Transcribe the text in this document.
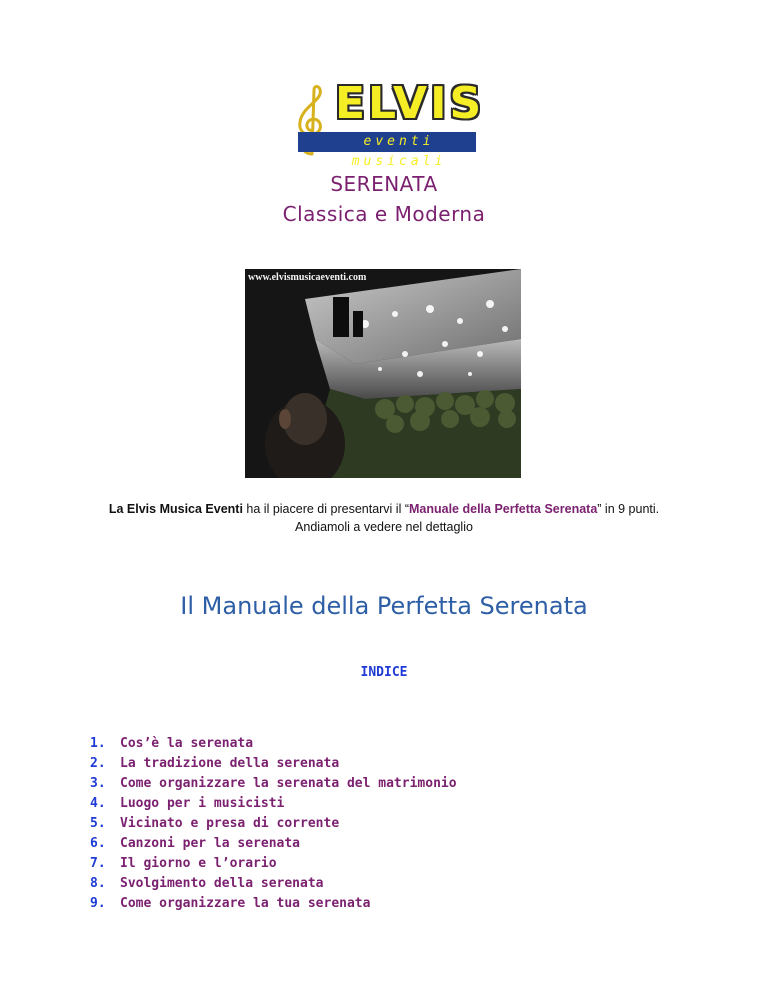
ELVIS
eventi musicali
SERENATA
Classica e Moderna
www.elvismusicaeventi.com
La Elvis Musica Eventi ha il piacere di presentarvi il “Manuale della Perfetta Serenata” in 9 punti.
Andiamoli a vedere nel dettaglio
Il Manuale della Perfetta Serenata
INDICE
1. Cos’è la serenata
2. La tradizione della serenata
3. Come organizzare la serenata del matrimonio
4. Luogo per i musicisti
5. Vicinato e presa di corrente
6. Canzoni per la serenata
7. Il giorno e l’orario
8. Svolgimento della serenata
9. Come organizzare la tua serenata
